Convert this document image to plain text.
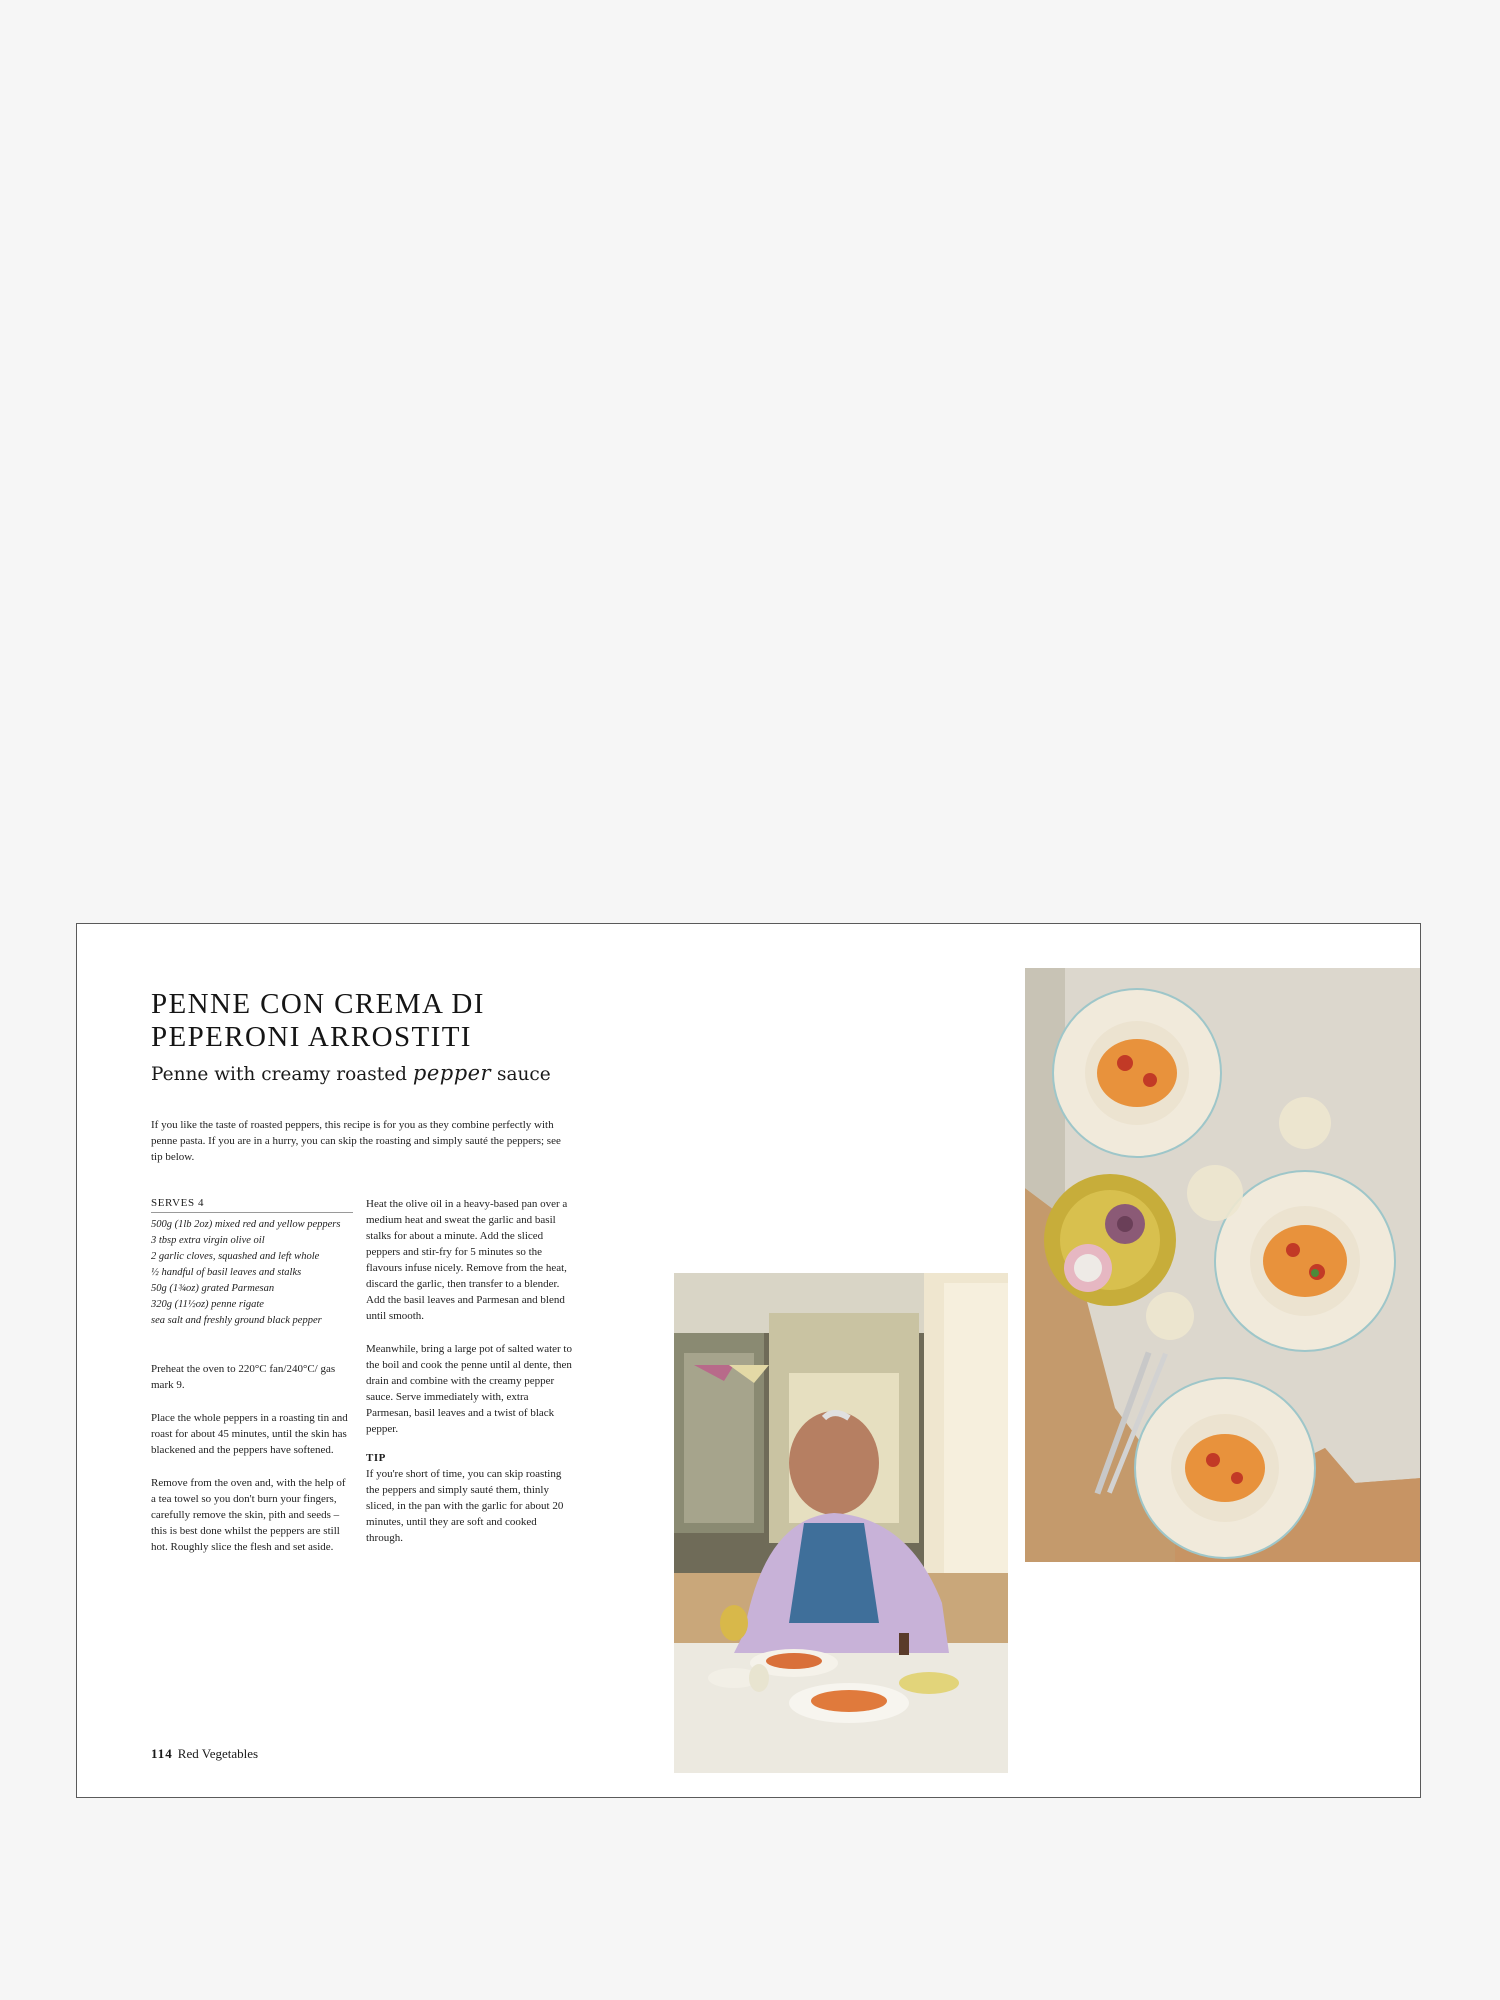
PENNE CON CREMA DI PEPERONI ARROSTITI
Penne with creamy roasted pepper sauce

If you like the taste of roasted peppers, this recipe is for you as they combine perfectly with penne pasta. If you are in a hurry, you can skip the roasting and simply sauté the peppers; see tip below.

SERVES 4
500g (1lb 2oz) mixed red and yellow peppers
3 tbsp extra virgin olive oil
2 garlic cloves, squashed and left whole
½ handful of basil leaves and stalks
50g (1¾oz) grated Parmesan
320g (11½oz) penne rigate
sea salt and freshly ground black pepper

Preheat the oven to 220°C fan/240°C/ gas mark 9.

Place the whole peppers in a roasting tin and roast for about 45 minutes, until the skin has blackened and the peppers have softened.

Remove from the oven and, with the help of a tea towel so you don't burn your fingers, carefully remove the skin, pith and seeds – this is best done whilst the peppers are still hot. Roughly slice the flesh and set aside.

Heat the olive oil in a heavy-based pan over a medium heat and sweat the garlic and basil stalks for about a minute. Add the sliced peppers and stir-fry for 5 minutes so the flavours infuse nicely. Remove from the heat, discard the garlic, then transfer to a blender. Add the basil leaves and Parmesan and blend until smooth.

Meanwhile, bring a large pot of salted water to the boil and cook the penne until al dente, then drain and combine with the creamy pepper sauce. Serve immediately with, extra Parmesan, basil leaves and a twist of black pepper.

TIP

If you're short of time, you can skip roasting the peppers and simply sauté them, thinly sliced, in the pan with the garlic for about 20 minutes, until they are soft and cooked through.

114 Red Vegetables
